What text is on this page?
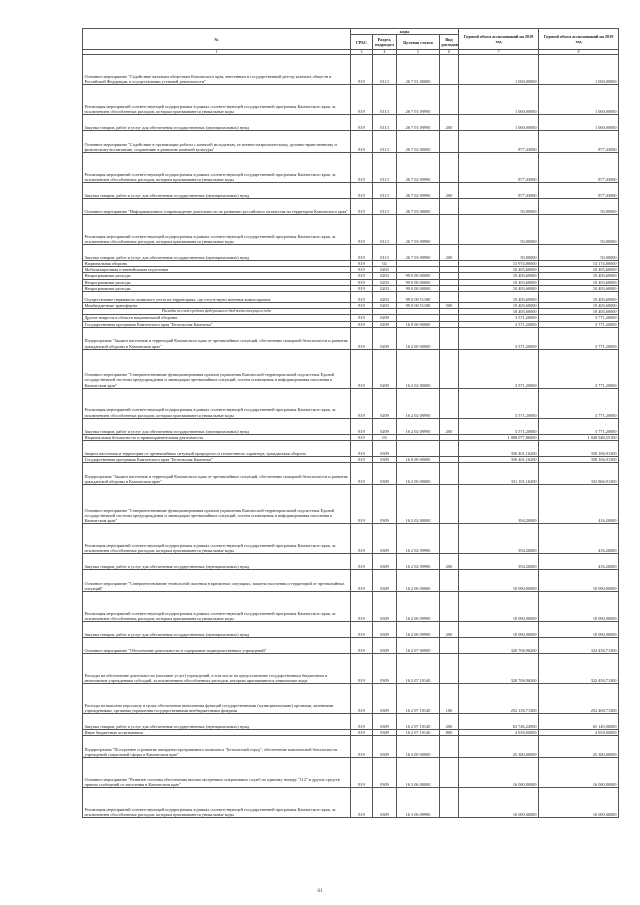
№	коды				Годовой объем ассигнований на 2018 год	Годовой объем ассигнований на 2019 год
	ГРБС	Раздел, подраздел	Целевая статья	Вид расходов		
1	3	4	5	6	7	8
Основное мероприятие "Содействие казачьим обществам Камчатского края, внесенным в государственный реестр казачьих обществ в Российской Федерации, в осуществлении уставной деятельности"	819	0113	26 7 01 00000		1 000,00000	1 000,00000
Реализация мероприятий соответствующей подпрограммы в рамках соответствующей государственной программы Камчатского края, за исключением обособленных расходов, которым присваиваются уникальные коды	819	0113	26 7 01 09990		1 000,00000	1 000,00000
Закупка товаров, работ и услуг для обеспечения государственных (муниципальных) нужд	819	0113	26 7 01 09990	200	1 000,00000	1 000,00000
Основное мероприятие "Содействие в организации работы с казачьей молодежью, ее военно-патриотическому, духовно-нравственному и физическому воспитанию, сохранению в развитию казачьей культуры"	819	0113	26 7 02 00000		877,43000	877,43000
Реализация мероприятий соответствующей подпрограммы в рамках соответствующей государственной программы Камчатского края, за исключением обособленных расходов, которым присваиваются уникальные коды	819	0113	26 7 02 09990		877,43000	877,43000
Закупка товаров, работ и услуг для обеспечения государственных (муниципальных) нужд	819	0113	26 7 02 09990	200	877,43000	877,43000
Основное мероприятие "Информационное сопровождение деятельности по развитию российского казачества на территории Камчатского края"	819	0113	26 7 03 00000		50,00000	50,00000
Реализация мероприятий соответствующей подпрограммы в рамках соответствующей государственной программы Камчатского края, за исключением обособленных расходов, которым присваиваются уникальные коды	819	0113	26 7 03 09990		50,00000	50,00000
Закупка товаров, работ и услуг для обеспечения государственных (муниципальных) нужд	819	0113	26 7 03 09990	200	50,00000	50,00000
Национальная оборона	819	02			13 974,80000	14 174,80000
Мобилизационная и вневойсковая подготовка	819	0203			10 403,60000	10 403,60000
Непрограммные расходы	819	0203	99 0 00 00000		10 403,60000	10 403,60000
Непрограммные расходы	819	0203	99 0 00 00000		10 403,60000	10 403,60000
Непрограммные расходы	819	0203	99 0 00 00000		10 403,60000	10 403,60000
Осуществление первичного воинского учета на территориях, где отсутствуют военные комиссариаты	819	0203	99 0 00 51180		10 403,60000	10 403,60000
Межбюджетные трансферты	819	0203	99 0 00 51180	500	10 403,60000	10 403,60000
Расходы из счет средств федерального бюджета текущего года					10 403,60000	10 403,60000
Другие вопросы в области национальной обороны	819	0209			3 571,20000	3 771,20000
Государственная программа Камчатского края "Безопасная Камчатка"	819	0209	16 0 00 00000		3 571,20000	3 771,20000
Подпрограмма "Защита населения и территорий Камчатского края от чрезвычайных ситуаций, обеспечение пожарной безопасности и развитие гражданской обороны в Камчатском крае"	819	0209	16 2 00 00000		3 571,20000	3 771,20000
Основное мероприятие "Совершенствование функционирования органов управления Камчатской территориальной подсистемы Единой государственной системы предупреждения и ликвидации чрезвычайных ситуаций, систем оповещения и информирования населения в Камчатском крае"	819	0209	16 2 02 00000		3 571,20000	3 771,20000
Реализация мероприятий соответствующей подпрограммы в рамках соответствующей государственной программы Камчатского края, за исключением обособленных расходов, которым присваиваются уникальные коды	819	0209	16 2 02 09990		3 571,20000	3 771,20000
Закупка товаров, работ и услуг для обеспечения государственных (муниципальных) нужд	819	0209	16 2 02 09990	200	3 571,20000	3 771,20000
Национальная безопасность и правоохранительная деятельность	819	03			1 088 077,86000	1 040 948,55100
Защита населения и территории от чрезвычайных ситуаций природного и техногенного характера, гражданская оборона	819	0309			356 401,16200	358 166,91300
Государственная программа Камчатского края "Безопасная Камчатка"	819	0309	16 0 00 00000		356 401,16200	358 166,91300
Подпрограмма "Защита населения и территорий Камчатского края от чрезвычайных ситуаций, обеспечение пожарной безопасности и развитие гражданской обороны в Камчатском крае"	819	0309	16 2 00 00000		331 101,16200	332 866,91300
Основное мероприятие "Совершенствование функционирования органов управления Камчатской территориальной подсистемы Единой государственной системы предупреждения и ликвидации чрезвычайных ситуаций, систем оповещения и информирования населения в Камчатском крае"	819	0309	16 2 02 00000		394,20000	416,20000
Реализация мероприятий соответствующей подпрограммы в рамках соответствующей государственной программы Камчатского края, за исключением обособленных расходов, которым присваиваются уникальные коды	819	0309	16 2 02 09990		394,20000	416,20000
Закупка товаров, работ и услуг для обеспечения государственных (муниципальных) нужд	819	0309	16 2 02 09990	200	394,20000	416,20000
Основное мероприятие "Совершенствование технологий спасения в кризисных ситуациях, защиты населения и территорий от чрезвычайных ситуаций"	819	0309	16 2 06 00000		10 000,00000	10 000,00000
Реализация мероприятий соответствующей подпрограммы в рамках соответствующей государственной программы Камчатского края, за исключением обособленных расходов, которым присваиваются уникальные коды	819	0309	16 2 06 09990		10 000,00000	10 000,00000
Закупка товаров, работ и услуг для обеспечения государственных (муниципальных) нужд	819	0309	16 2 06 09990	200	10 000,00000	10 000,00000
Основное мероприятие "Обеспечение деятельности и содержание подведомственных учреждений"	819	0309	16 2 07 00000		320 706,96200	322 450,71300
Расходы на обеспечение деятельности (оказание услуг) учреждений, в том числе на предоставление государственным бюджетным и автономным учреждениям субсидий, за исключением обособленных расходов, которым присваиваются уникальные коды	819	0309	16 2 07 10140		320 706,96200	322 450,71300
Расходы на выплаты персоналу в целях обеспечения выполнения функций государственными (муниципальными) органами, казенными учреждениями, органами управления государственными внебюджетными фондами	819	0309	16 2 07 10140	100	252 130,71300	252 460,71300
Закупка товаров, работ и услуг для обеспечения государственных (муниципальных) нужд	819	0309	16 2 07 10140	200	63 746,24900	65 140,00000
Иные бюджетные ассигнования	819	0309	16 2 07 10140	800	4 830,00000	4 850,00000
Подпрограмма "Построение и развитие аппаратно-программного комплекса "Безопасный город", обеспечение комплексной безопасности учреждений социальной сферы в Камчатском крае"	819	0309	16 3 00 00000		25 300,00000	25 300,00000
Основное мероприятие "Развитие системы обеспечения вызова экстренных оперативных служб по единому номеру "112" и других средств приема сообщений от населения в Камчатском крае"	819	0309	16 3 06 00000		16 000,00000	16 000,00000
Реализация мероприятий соответствующей подпрограммы в рамках соответствующей государственной программы Камчатского края, за исключением обособленных расходов, которым присваиваются уникальные коды	819	0309	16 3 06 09990		16 000,00000	16 000,00000
61
